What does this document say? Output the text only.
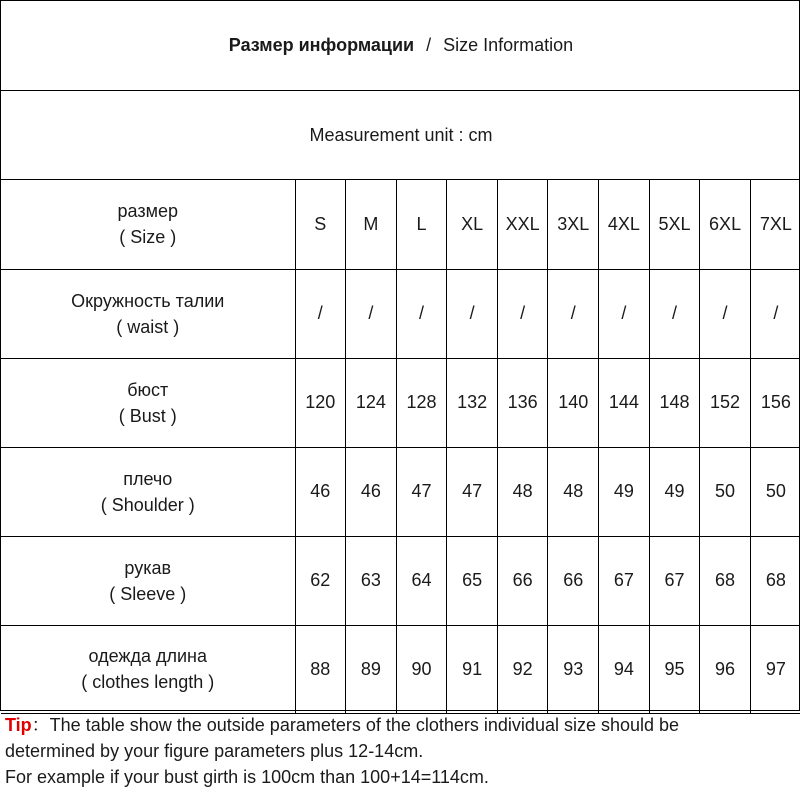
Размер информации / Size Information
Measurement unit : cm
размер
( Size )	S	M	L	XL	XXL	3XL	4XL	5XL	6XL	7XL

Окружность талии
( waist )	/	/	/	/	/	/	/	/	/	/

бюст
( Bust )	120	124	128	132	136	140	144	148	152	156

плечо
( Shoulder )	46	46	47	47	48	48	49	49	50	50

рукав
( Sleeve )	62	63	64	65	66	66	67	67	68	68

одежда длина
( clothes length )	88	89	90	91	92	93	94	95	96	97
Tip：The table show the outside parameters of the clothers individual size should be
determined by your figure parameters plus 12-14cm.
For example if your bust girth is 100cm than 100+14=114cm.
